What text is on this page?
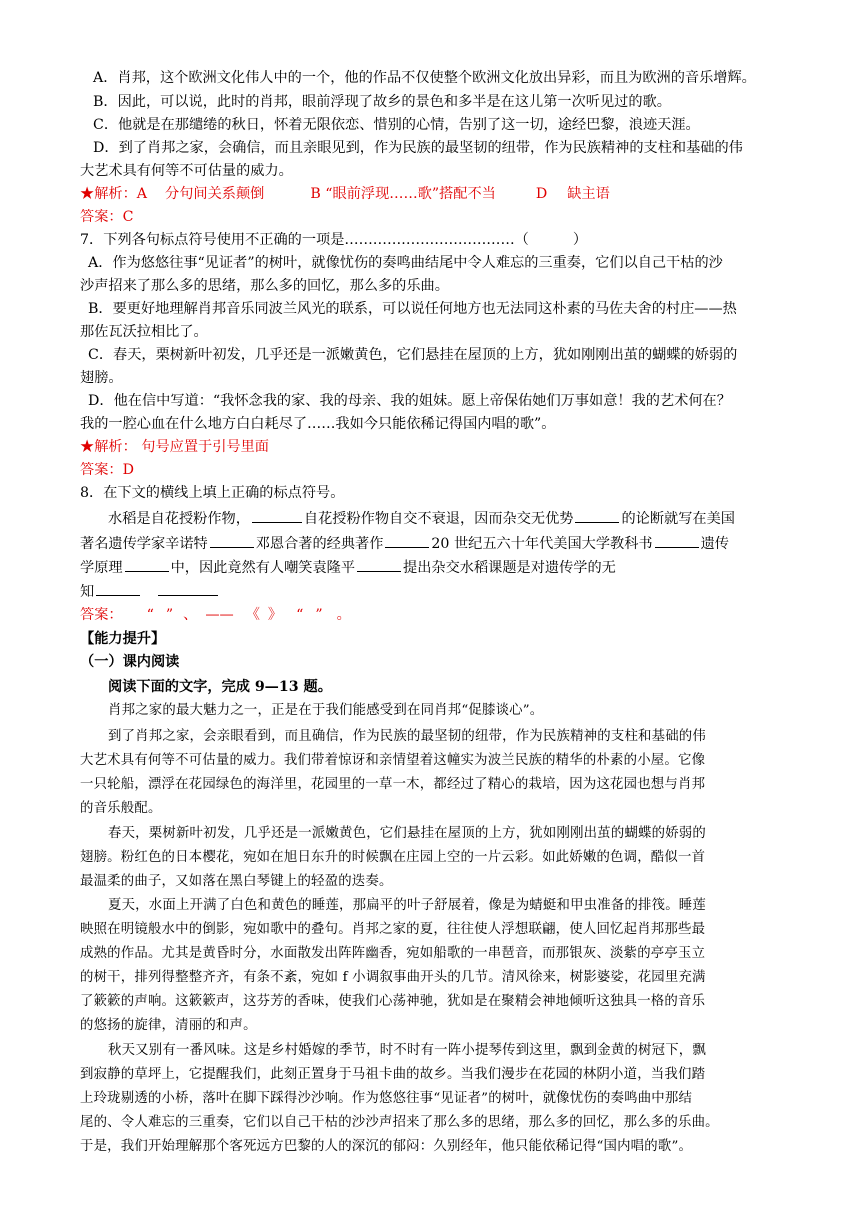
A．肖邦，这个欧洲文化伟人中的一个，他的作品不仅使整个欧洲文化放出异彩，而且为欧洲的音乐增辉。
B．因此，可以说，此时的肖邦，眼前浮现了故乡的景色和多半是在这儿第一次听见过的歌。
C．他就是在那缱绻的秋日，怀着无限依恋、惜别的心情，告别了这一切，途经巴黎，浪迹天涯。
D．到了肖邦之家，会确信，而且亲眼见到，作为民族的最坚韧的纽带，作为民族精神的支柱和基础的伟
大艺术具有何等不可估量的威力。
★解析：A 分句间关系颠倒	B “眼前浮现……歌”搭配不当	D 缺主语
答案：C
7．下列各句标点符号使用不正确的一项是………………………………（	）
A．作为悠悠往事“见证者”的树叶，就像忧伤的奏鸣曲结尾中令人难忘的三重奏，它们以自己干枯的沙
沙声招来了那么多的思绪，那么多的回忆，那么多的乐曲。
B．要更好地理解肖邦音乐同波兰风光的联系，可以说任何地方也无法同这朴素的马佐夫舍的村庄——热
那佐瓦沃拉相比了。
C．春天，栗树新叶初发，几乎还是一派嫩黄色，它们悬挂在屋顶的上方，犹如刚刚出茧的蝴蝶的娇弱的
翅膀。
D．他在信中写道：“我怀念我的家、我的母亲、我的姐妹。愿上帝保佑她们万事如意！我的艺术何在？
我的一腔心血在什么地方白白耗尽了……我如今只能依稀记得国内唱的歌”。
★解析： 句号应置于引号里面
答案：D
8．在下文的横线上填上正确的标点符号。
水稻是自花授粉作物，	自花授粉作物自交不衰退，因而杂交无优势	的论断就写在美国
著名遗传学家辛诺特	邓恩合著的经典著作	20 世纪五六十年代美国大学教科书	遗传
学原理	中，因此竟然有人嘲笑袁隆平	提出杂交水稻课题是对遗传学的无
知
答案： “ ” 、 —— 《 》 “ ” 。
【能力提升】
（一）课内阅读
阅读下面的文字，完成 9—13 题。
肖邦之家的最大魅力之一，正是在于我们能感受到在同肖邦“促膝谈心”。
到了肖邦之家，会亲眼看到，而且确信，作为民族的最坚韧的纽带，作为民族精神的支柱和基础的伟
大艺术具有何等不可估量的威力。我们带着惊讶和亲情望着这幢实为波兰民族的精华的朴素的小屋。它像
一只轮船，漂浮在花园绿色的海洋里，花园里的一草一木，都经过了精心的栽培，因为这花园也想与肖邦
的音乐般配。
春天，栗树新叶初发，几乎还是一派嫩黄色，它们悬挂在屋顶的上方，犹如刚刚出茧的蝴蝶的娇弱的
翅膀。粉红色的日本樱花，宛如在旭日东升的时候飘在庄园上空的一片云彩。如此娇嫩的色调，酷似一首
最温柔的曲子，又如落在黑白琴键上的轻盈的迭奏。
夏天，水面上开满了白色和黄色的睡莲，那扁平的叶子舒展着，像是为蜻蜓和甲虫准备的排筏。睡莲
映照在明镜般水中的倒影，宛如歌中的叠句。肖邦之家的夏，往往使人浮想联翩，使人回忆起肖邦那些最
成熟的作品。尤其是黄昏时分，水面散发出阵阵幽香，宛如船歌的一串琶音，而那银灰、淡紫的亭亭玉立
的树干，排列得整整齐齐，有条不紊，宛如 f 小调叙事曲开头的几节。清风徐来，树影婆娑，花园里充满
了簌簌的声响。这簌簌声，这芬芳的香味，使我们心荡神驰，犹如是在聚精会神地倾听这独具一格的音乐
的悠扬的旋律，清丽的和声。
秋天又别有一番风味。这是乡村婚嫁的季节，时不时有一阵小提琴传到这里，飘到金黄的树冠下，飘
到寂静的草坪上，它提醒我们，此刻正置身于马祖卡曲的故乡。当我们漫步在花园的林阴小道，当我们踏
上玲珑剔透的小桥，落叶在脚下踩得沙沙响。作为悠悠往事“见证者”的树叶，就像忧伤的奏鸣曲中那结
尾的、令人难忘的三重奏，它们以自己干枯的沙沙声招来了那么多的思绪，那么多的回忆，那么多的乐曲。
于是，我们开始理解那个客死远方巴黎的人的深沉的郁闷：久别经年，他只能依稀记得“国内唱的歌”。
